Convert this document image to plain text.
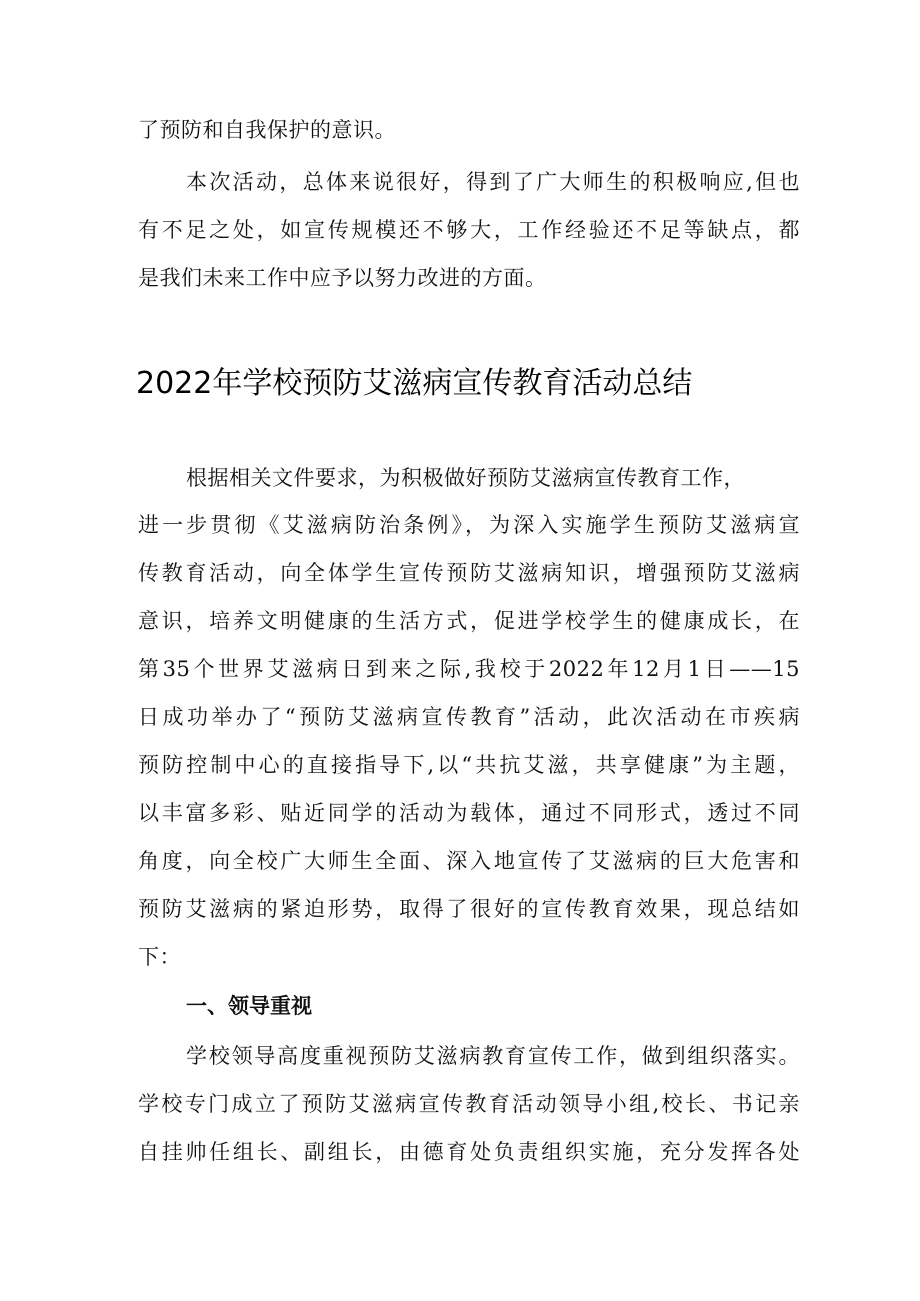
了预防和自我保护的意识。
本次活动，总体来说很好，得到了广大师生的积极响应,但也
有不足之处，如宣传规模还不够大，工作经验还不足等缺点，都
是我们未来工作中应予以努力改进的方面。
2022年学校预防艾滋病宣传教育活动总结
根据相关文件要求，为积极做好预防艾滋病宣传教育工作，
进一步贯彻《艾滋病防治条例》，为深入实施学生预防艾滋病宣
传教育活动，向全体学生宣传预防艾滋病知识，增强预防艾滋病
意识，培养文明健康的生活方式，促进学校学生的健康成长，在
第35个世界艾滋病日到来之际,我校于2022年12月1日——15
日成功举办了“预防艾滋病宣传教育”活动，此次活动在市疾病
预防控制中心的直接指导下,以“共抗艾滋，共享健康”为主题，
以丰富多彩、贴近同学的活动为载体，通过不同形式，透过不同
角度，向全校广大师生全面、深入地宣传了艾滋病的巨大危害和
预防艾滋病的紧迫形势，取得了很好的宣传教育效果，现总结如
下：
一、领导重视
学校领导高度重视预防艾滋病教育宣传工作，做到组织落实。
学校专门成立了预防艾滋病宣传教育活动领导小组,校长、书记亲
自挂帅任组长、副组长，由德育处负责组织实施，充分发挥各处
